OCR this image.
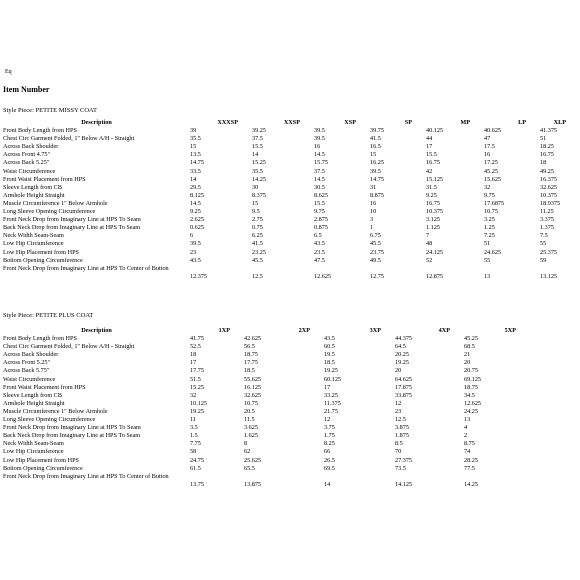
Eq
Item Number
Style Piece: PETITE MISSY COAT
Description	XXXSP	XXSP	XSP	SP	MP	LP	XLP
Front Body Length from HPS	39	39.25	39.5	39.75	40.125	40.625	41.375
Chest Circ Garment Folded, 1" Below A/H - Straight	35.5	37.5	39.5	41.5	44	47	51
Across Back Shoulder	15	15.5	16	16.5	17	17.5	18.25
Across Front 4.75"	13.5	14	14.5	15	15.5	16	16.75
Across Back 5.25"	14.75	15.25	15.75	16.25	16.75	17.25	18
Waist Circumference	33.5	35.5	37.5	39.5	42	45.25	49.25
Front Waist Placement from HPS	14	14.25	14.5	14.75	15.125	15.625	16.375
Sleeve Length from CB	29.5	30	30.5	31	31.5	32	32.625
Armhole Height Straight	8.125	8.375	8.625	8.875	9.25	9.75	10.375
Muscle Circumference 1" Below Armhole	14.5	15	15.5	16	16.75	17.6875	18.9375
Long Sleeve Opening Circumference	9.25	9.5	9.75	10	10.375	10.75	11.25
Front Neck Drop from Imaginary Line at HPS To Seam	2.625	2.75	2.875	3	3.125	3.25	3.375
Back Neck Drop from Imaginary Line at HPS To Seam	0.625	0.75	0.875	1	1.125	1.25	1.375
Neck Width Seam-Seam	6	6.25	6.5	6.75	7	7.25	7.5
Low Hip Circumference	39.5	41.5	43.5	45.5	48	51	55
Low Hip Placement from HPS	23	23.25	23.5	23.75	24.125	24.625	25.375
Bottom Opening Circumference	43.5	45.5	47.5	49.5	52	55	59
Front Neck Drop from Imaginary Line at HPS To Center of Button	12.375	12.5	12.625	12.75	12.875	13	13.125
Style Piece: PETITE PLUS COAT
Description	1XP	2XP	3XP	4XP	5XP
Front Body Length from HPS	41.75	42.625	43.5	44.375	45.25
Chest Circ Garment Folded, 1" Below A/H - Straight	52.5	56.5	60.5	64.5	68.5
Across Back Shoulder	18	18.75	19.5	20.25	21
Across Front 5.25"	17	17.75	18.5	19.25	20
Across Back 5.75"	17.75	18.5	19.25	20	20.75
Waist Circumference	51.5	55.625	60.125	64.625	69.125
Front Waist Placement from HPS	15.25	16.125	17	17.875	18.75
Sleeve Length from CB	32	32.625	33.25	33.875	34.5
Armhole Height Straight	10.125	10.75	11.375	12	12.625
Muscle Circumference 1" Below Armhole	19.25	20.5	21.75	23	24.25
Long Sleeve Opening Circumference	11	11.5	12	12.5	13
Front Neck Drop from Imaginary Line at HPS To Seam	3.5	3.625	3.75	3.875	4
Back Neck Drop from Imaginary Line at HPS To Seam	1.5	1.625	1.75	1.875	2
Neck Width Seam-Seam	7.75	8	8.25	8.5	8.75
Low Hip Circumference	58	62	66	70	74
Low Hip Placement from HPS	24.75	25.625	26.5	27.375	28.25
Bottom Opening Circumference	61.5	65.5	69.5	73.5	77.5
Front Neck Drop from Imaginary Line at HPS To Center of Button	13.75	13.875	14	14.125	14.25
